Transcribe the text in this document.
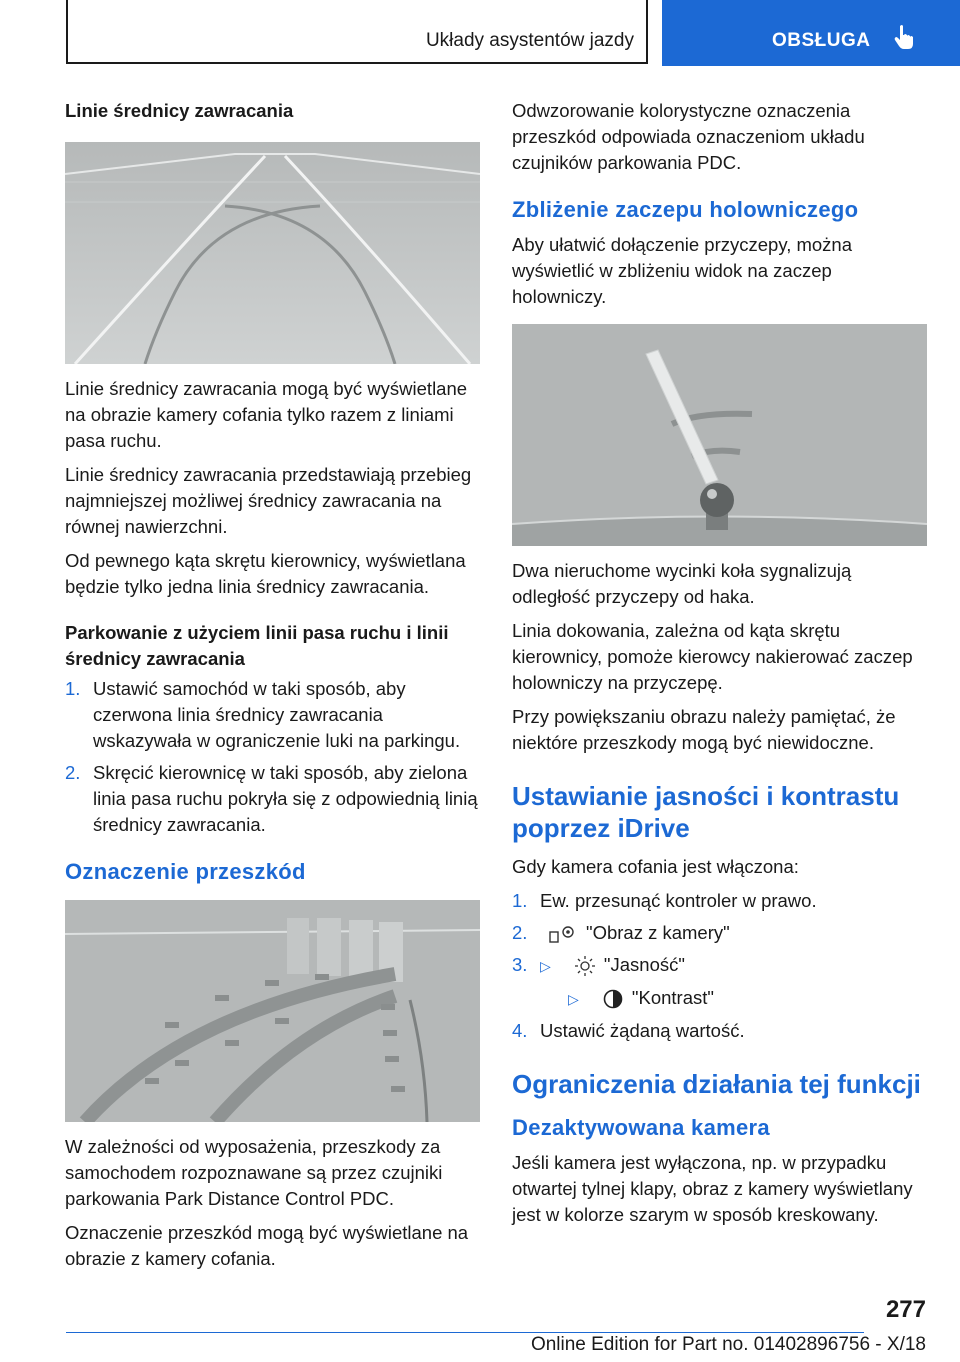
Układy asystentów jazdy	OBSŁUGA
Linie średnicy zawracania

Linie średnicy zawracania mogą być wyświetlane na obrazie kamery cofania tylko razem z liniami pasa ruchu.

Linie średnicy zawracania przedstawiają przebieg najmniejszej możliwej średnicy zawracania na równej nawierzchni.

Od pewnego kąta skrętu kierownicy, wyświetlana będzie tylko jedna linia średnicy zawracania.

Parkowanie z użyciem linii pasa ruchu i linii średnicy zawracania
1. Ustawić samochód w taki sposób, aby czerwona linia średnicy zawracania wskazywała w ograniczenie luki na parkingu.
2. Skręcić kierownicę w taki sposób, aby zielona linia pasa ruchu pokryła się z odpowiednią linią średnicy zawracania.
Oznaczenie przeszkód

W zależności od wyposażenia, przeszkody za samochodem rozpoznawane są przez czujniki parkowania Park Distance Control PDC.

Oznaczenie przeszkód mogą być wyświetlane na obrazie z kamery cofania.

Odwzorowanie kolorystyczne oznaczenia przeszkód odpowiada oznaczeniom układu czujników parkowania PDC.

Zbliżenie zaczepu holowniczego

Aby ułatwić dołączenie przyczepy, można wyświetlić w zbliżeniu widok na zaczep holowniczy.

Dwa nieruchome wycinki koła sygnalizują odległość przyczepy od haka.

Linia dokowania, zależna od kąta skrętu kierownicy, pomoże kierowcy nakierować zaczep holowniczy na przyczepę.

Przy powiększaniu obrazu należy pamiętać, że niektóre przeszkody mogą być niewidoczne.

Ustawianie jasności i kontrastu poprzez iDrive

Gdy kamera cofania jest włączona:

1. Ew. przesunąć kontroler w prawo.
2.	"Obraz z kamery"
3. ▷	"Jasność"
▷	"Kontrast"
4. Ustawić żądaną wartość.
Ograniczenia działania tej funkcji
Dezaktywowana kamera

Jeśli kamera jest wyłączona, np. w przypadku otwartej tylnej klapy, obraz z kamery wyświetlany jest w kolorze szarym w sposób kreskowany.

277
Online Edition for Part no. 01402896756 - X/18
